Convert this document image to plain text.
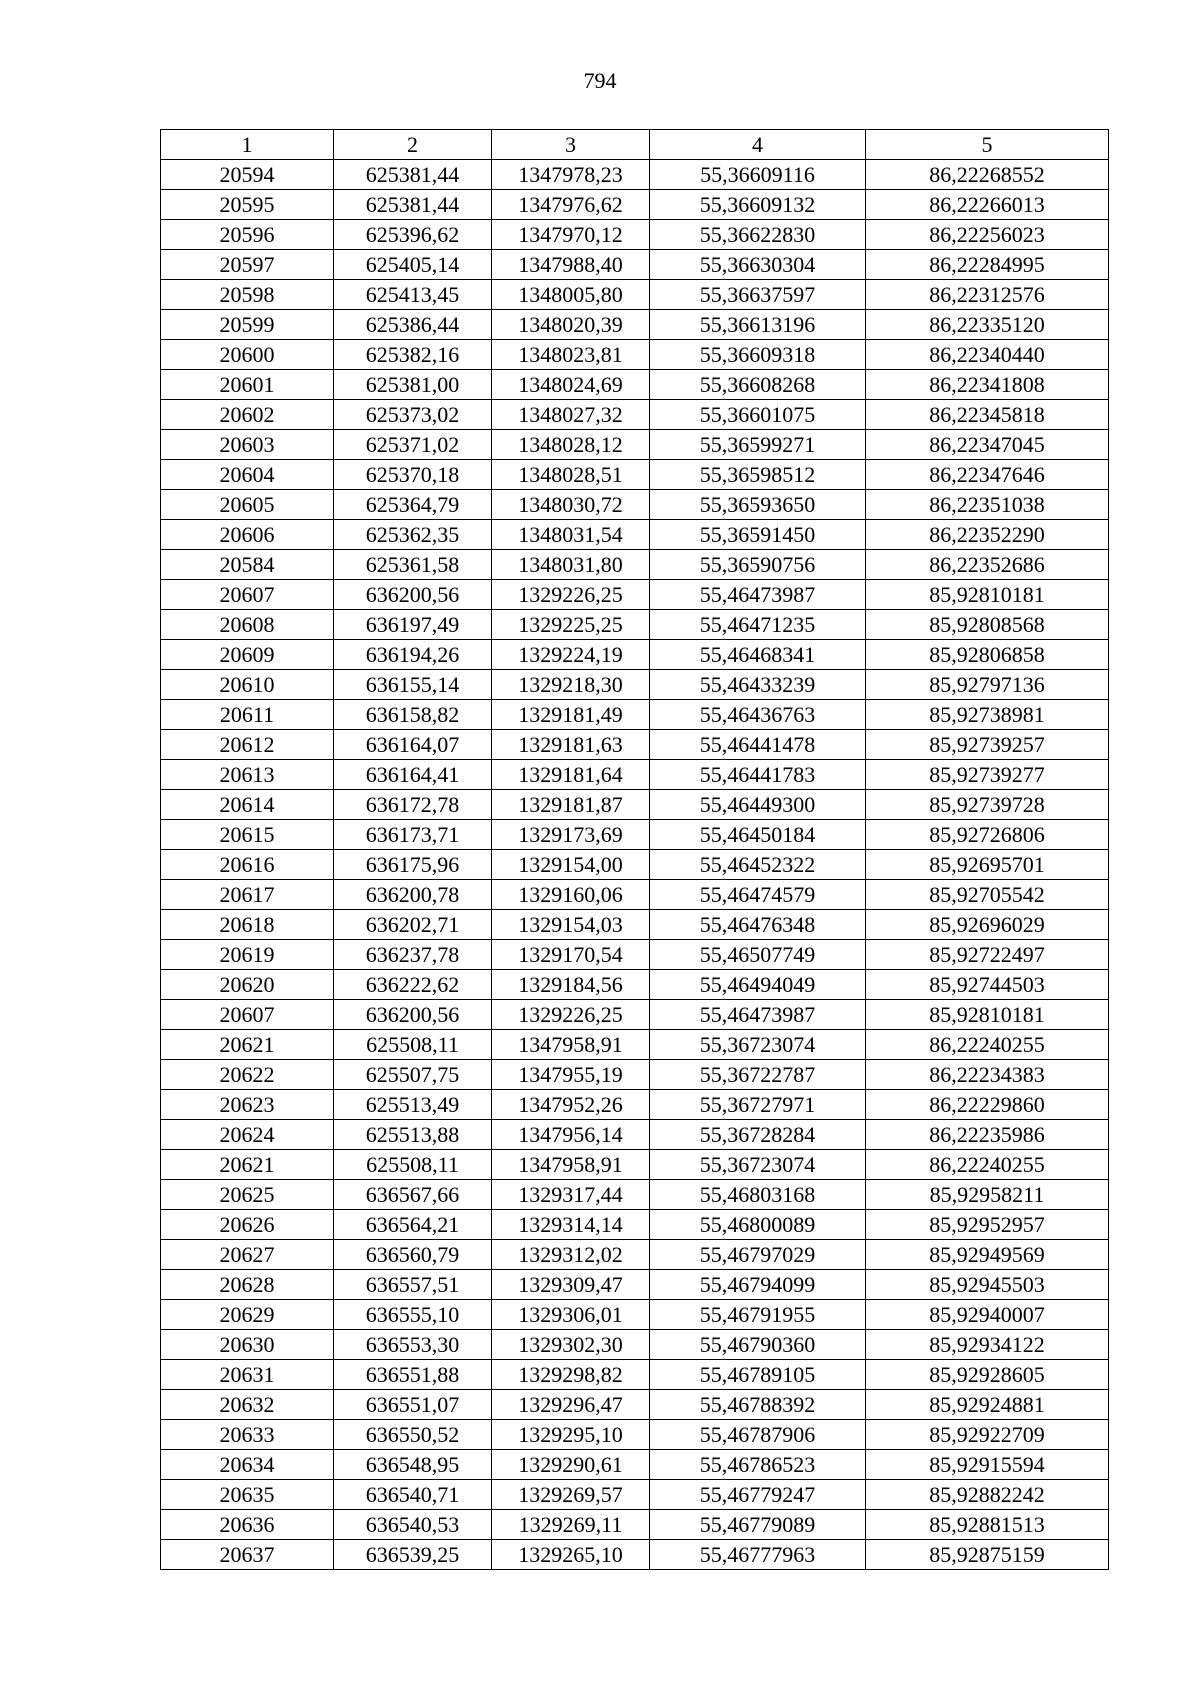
794
1	2	3	4	5
20594	625381,44	1347978,23	55,36609116	86,22268552
20595	625381,44	1347976,62	55,36609132	86,22266013
20596	625396,62	1347970,12	55,36622830	86,22256023
20597	625405,14	1347988,40	55,36630304	86,22284995
20598	625413,45	1348005,80	55,36637597	86,22312576
20599	625386,44	1348020,39	55,36613196	86,22335120
20600	625382,16	1348023,81	55,36609318	86,22340440
20601	625381,00	1348024,69	55,36608268	86,22341808
20602	625373,02	1348027,32	55,36601075	86,22345818
20603	625371,02	1348028,12	55,36599271	86,22347045
20604	625370,18	1348028,51	55,36598512	86,22347646
20605	625364,79	1348030,72	55,36593650	86,22351038
20606	625362,35	1348031,54	55,36591450	86,22352290
20584	625361,58	1348031,80	55,36590756	86,22352686
20607	636200,56	1329226,25	55,46473987	85,92810181
20608	636197,49	1329225,25	55,46471235	85,92808568
20609	636194,26	1329224,19	55,46468341	85,92806858
20610	636155,14	1329218,30	55,46433239	85,92797136
20611	636158,82	1329181,49	55,46436763	85,92738981
20612	636164,07	1329181,63	55,46441478	85,92739257
20613	636164,41	1329181,64	55,46441783	85,92739277
20614	636172,78	1329181,87	55,46449300	85,92739728
20615	636173,71	1329173,69	55,46450184	85,92726806
20616	636175,96	1329154,00	55,46452322	85,92695701
20617	636200,78	1329160,06	55,46474579	85,92705542
20618	636202,71	1329154,03	55,46476348	85,92696029
20619	636237,78	1329170,54	55,46507749	85,92722497
20620	636222,62	1329184,56	55,46494049	85,92744503
20607	636200,56	1329226,25	55,46473987	85,92810181
20621	625508,11	1347958,91	55,36723074	86,22240255
20622	625507,75	1347955,19	55,36722787	86,22234383
20623	625513,49	1347952,26	55,36727971	86,22229860
20624	625513,88	1347956,14	55,36728284	86,22235986
20621	625508,11	1347958,91	55,36723074	86,22240255
20625	636567,66	1329317,44	55,46803168	85,92958211
20626	636564,21	1329314,14	55,46800089	85,92952957
20627	636560,79	1329312,02	55,46797029	85,92949569
20628	636557,51	1329309,47	55,46794099	85,92945503
20629	636555,10	1329306,01	55,46791955	85,92940007
20630	636553,30	1329302,30	55,46790360	85,92934122
20631	636551,88	1329298,82	55,46789105	85,92928605
20632	636551,07	1329296,47	55,46788392	85,92924881
20633	636550,52	1329295,10	55,46787906	85,92922709
20634	636548,95	1329290,61	55,46786523	85,92915594
20635	636540,71	1329269,57	55,46779247	85,92882242
20636	636540,53	1329269,11	55,46779089	85,92881513
20637	636539,25	1329265,10	55,46777963	85,92875159
